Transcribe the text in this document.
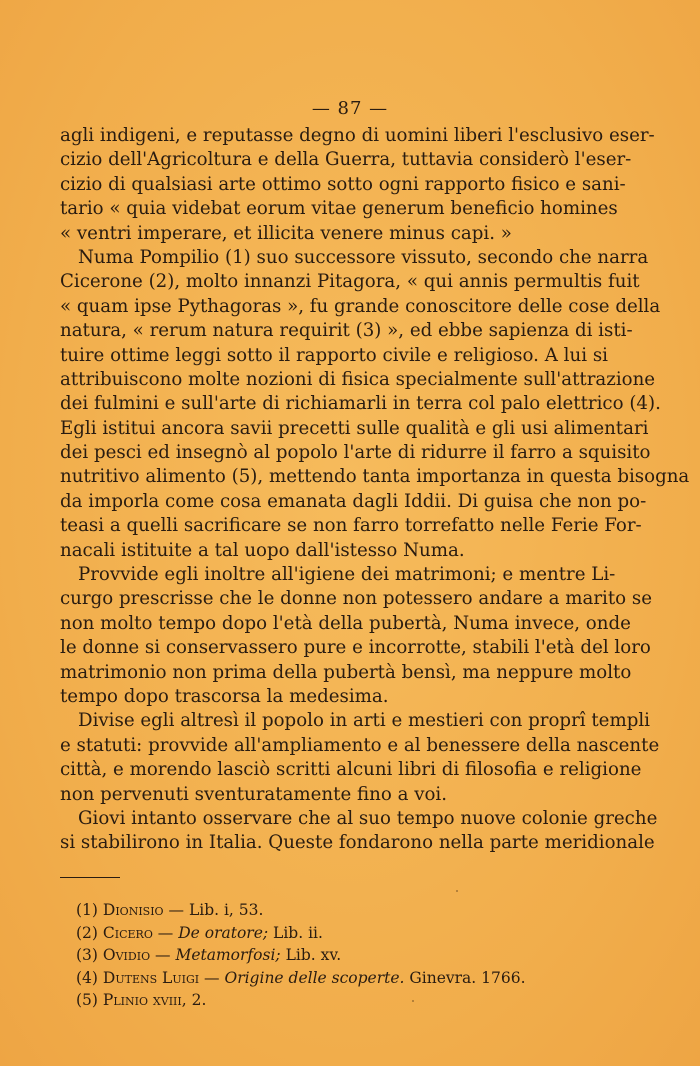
— 87 —
agli indigeni, e reputasse degno di uomini liberi l'esclusivo eser-
cizio dell'Agricoltura e della Guerra, tuttavia considerò l'eser-
cizio di qualsiasi arte ottimo sotto ogni rapporto fisico e sani-
tario « quia videbat eorum vitae generum beneficio homines
« ventri imperare, et illicita venere minus capi. »
Numa Pompilio (1) suo successore vissuto, secondo che narra
Cicerone (2), molto innanzi Pitagora, « qui annis permultis fuit
« quam ipse Pythagoras », fu grande conoscitore delle cose della
natura, « rerum natura requirit (3) », ed ebbe sapienza di isti-
tuire ottime leggi sotto il rapporto civile e religioso. A lui si
attribuiscono molte nozioni di fisica specialmente sull'attrazione
dei fulmini e sull'arte di richiamarli in terra col palo elettrico (4).
Egli istitui ancora savii precetti sulle qualità e gli usi alimentari
dei pesci ed insegnò al popolo l'arte di ridurre il farro a squisito
nutritivo alimento (5), mettendo tanta importanza in questa bisogna
da imporla come cosa emanata dagli Iddii. Di guisa che non po-
teasi a quelli sacrificare se non farro torrefatto nelle Ferie For-
nacali istituite a tal uopo dall'istesso Numa.
Provvide egli inoltre all'igiene dei matrimoni; e mentre Li-
curgo prescrisse che le donne non potessero andare a marito se
non molto tempo dopo l'età della pubertà, Numa invece, onde
le donne si conservassero pure e incorrotte, stabili l'età del loro
matrimonio non prima della pubertà bensì, ma neppure molto
tempo dopo trascorsa la medesima.
Divise egli altresì il popolo in arti e mestieri con proprî templi
e statuti: provvide all'ampliamento e al benessere della nascente
città, e morendo lasciò scritti alcuni libri di filosofia e religione
non pervenuti sventuratamente fino a voi.
Giovi intanto osservare che al suo tempo nuove colonie greche
si stabilirono in Italia. Queste fondarono nella parte meridionale
(1) Dionisio — Lib. i, 53.
(2) Cicero — De oratore; Lib. ii.
(3) Ovidio — Metamorfosi; Lib. xv.
(4) Dutens Luigi — Origine delle scoperte. Ginevra. 1766.
(5) Plinio xviii, 2.
